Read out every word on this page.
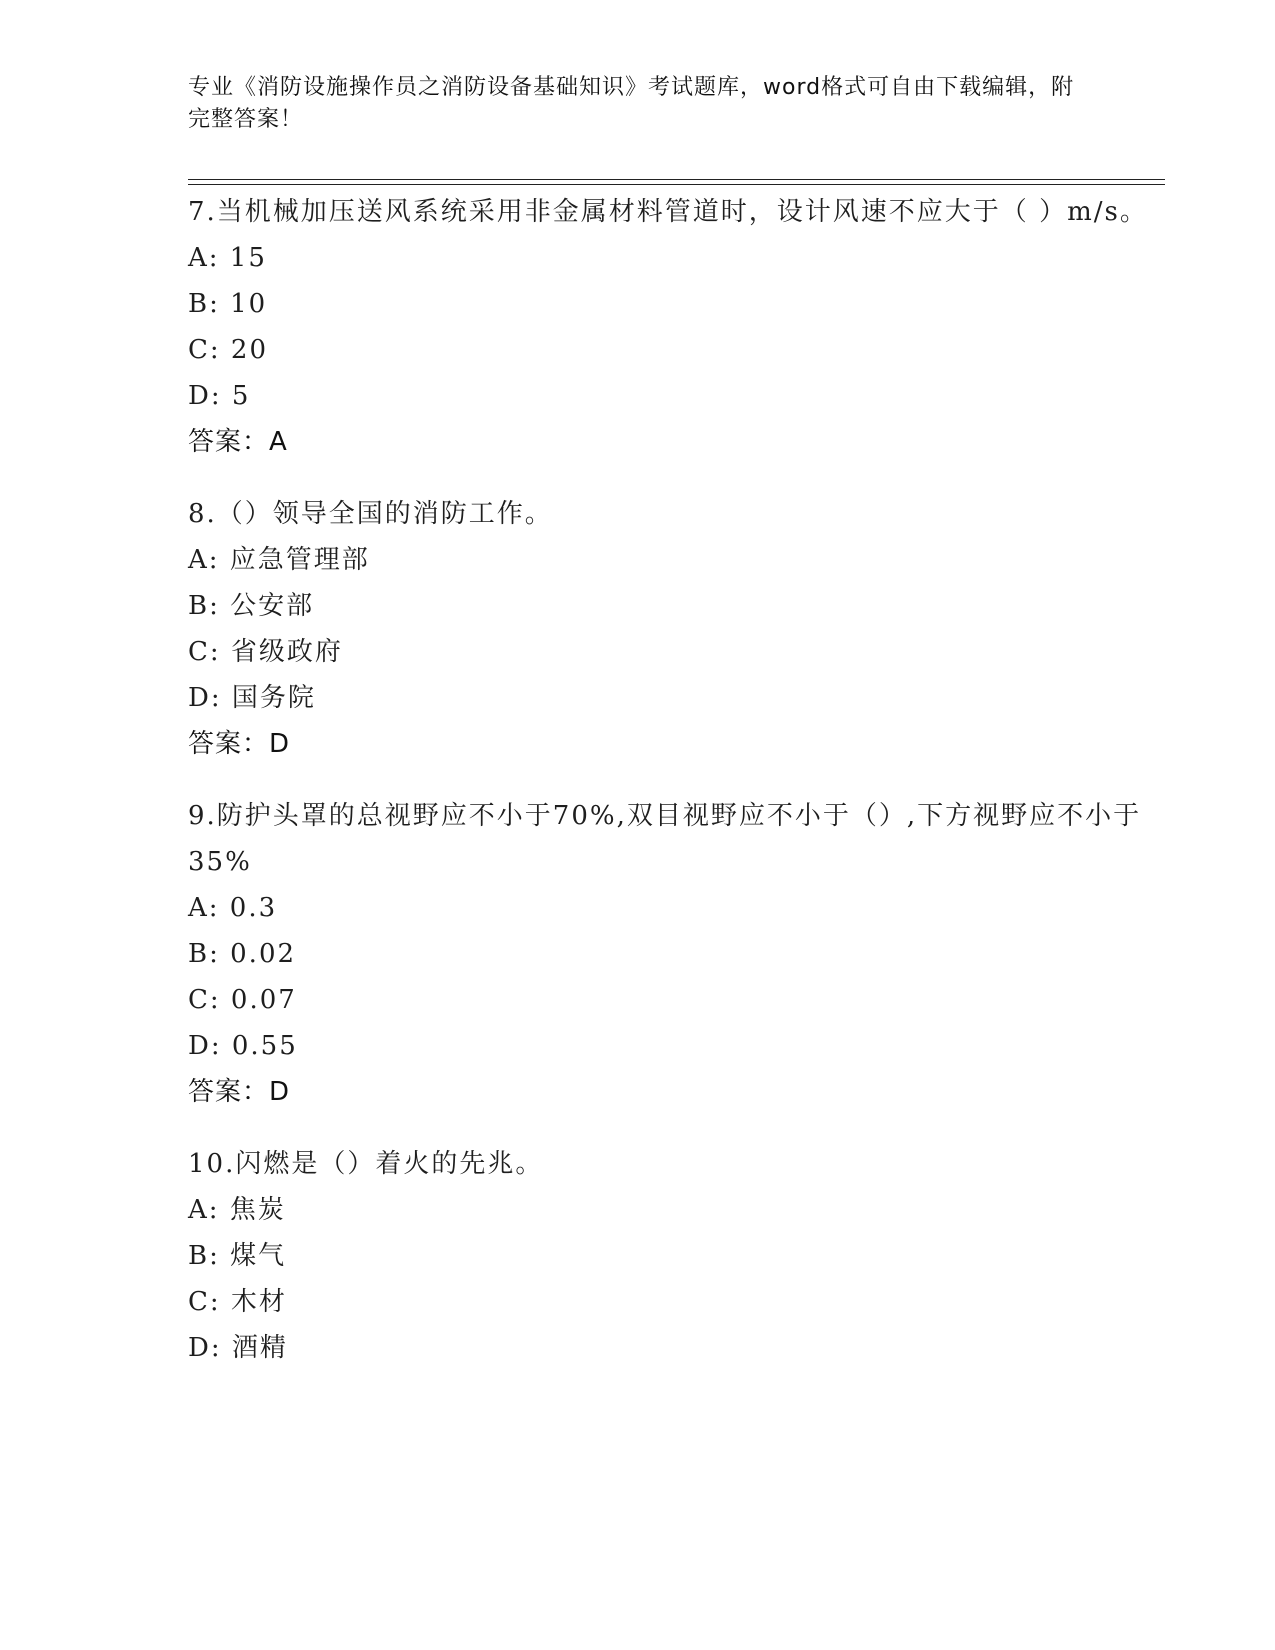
专业《消防设施操作员之消防设备基础知识》考试题库，word格式可自由下载编辑，附完整答案！
7.当机械加压送风系统采用非金属材料管道时，设计风速不应大于（ ）m/s。
A: 15
B: 10
C: 20
D: 5
答案：A
8.（）领导全国的消防工作。
A: 应急管理部
B: 公安部
C: 省级政府
D: 国务院
答案：D
9.防护头罩的总视野应不小于70%,双目视野应不小于（）,下方视野应不小于35%
A: 0.3
B: 0.02
C: 0.07
D: 0.55
答案：D
10.闪燃是（）着火的先兆。
A: 焦炭
B: 煤气
C: 木材
D: 酒精
